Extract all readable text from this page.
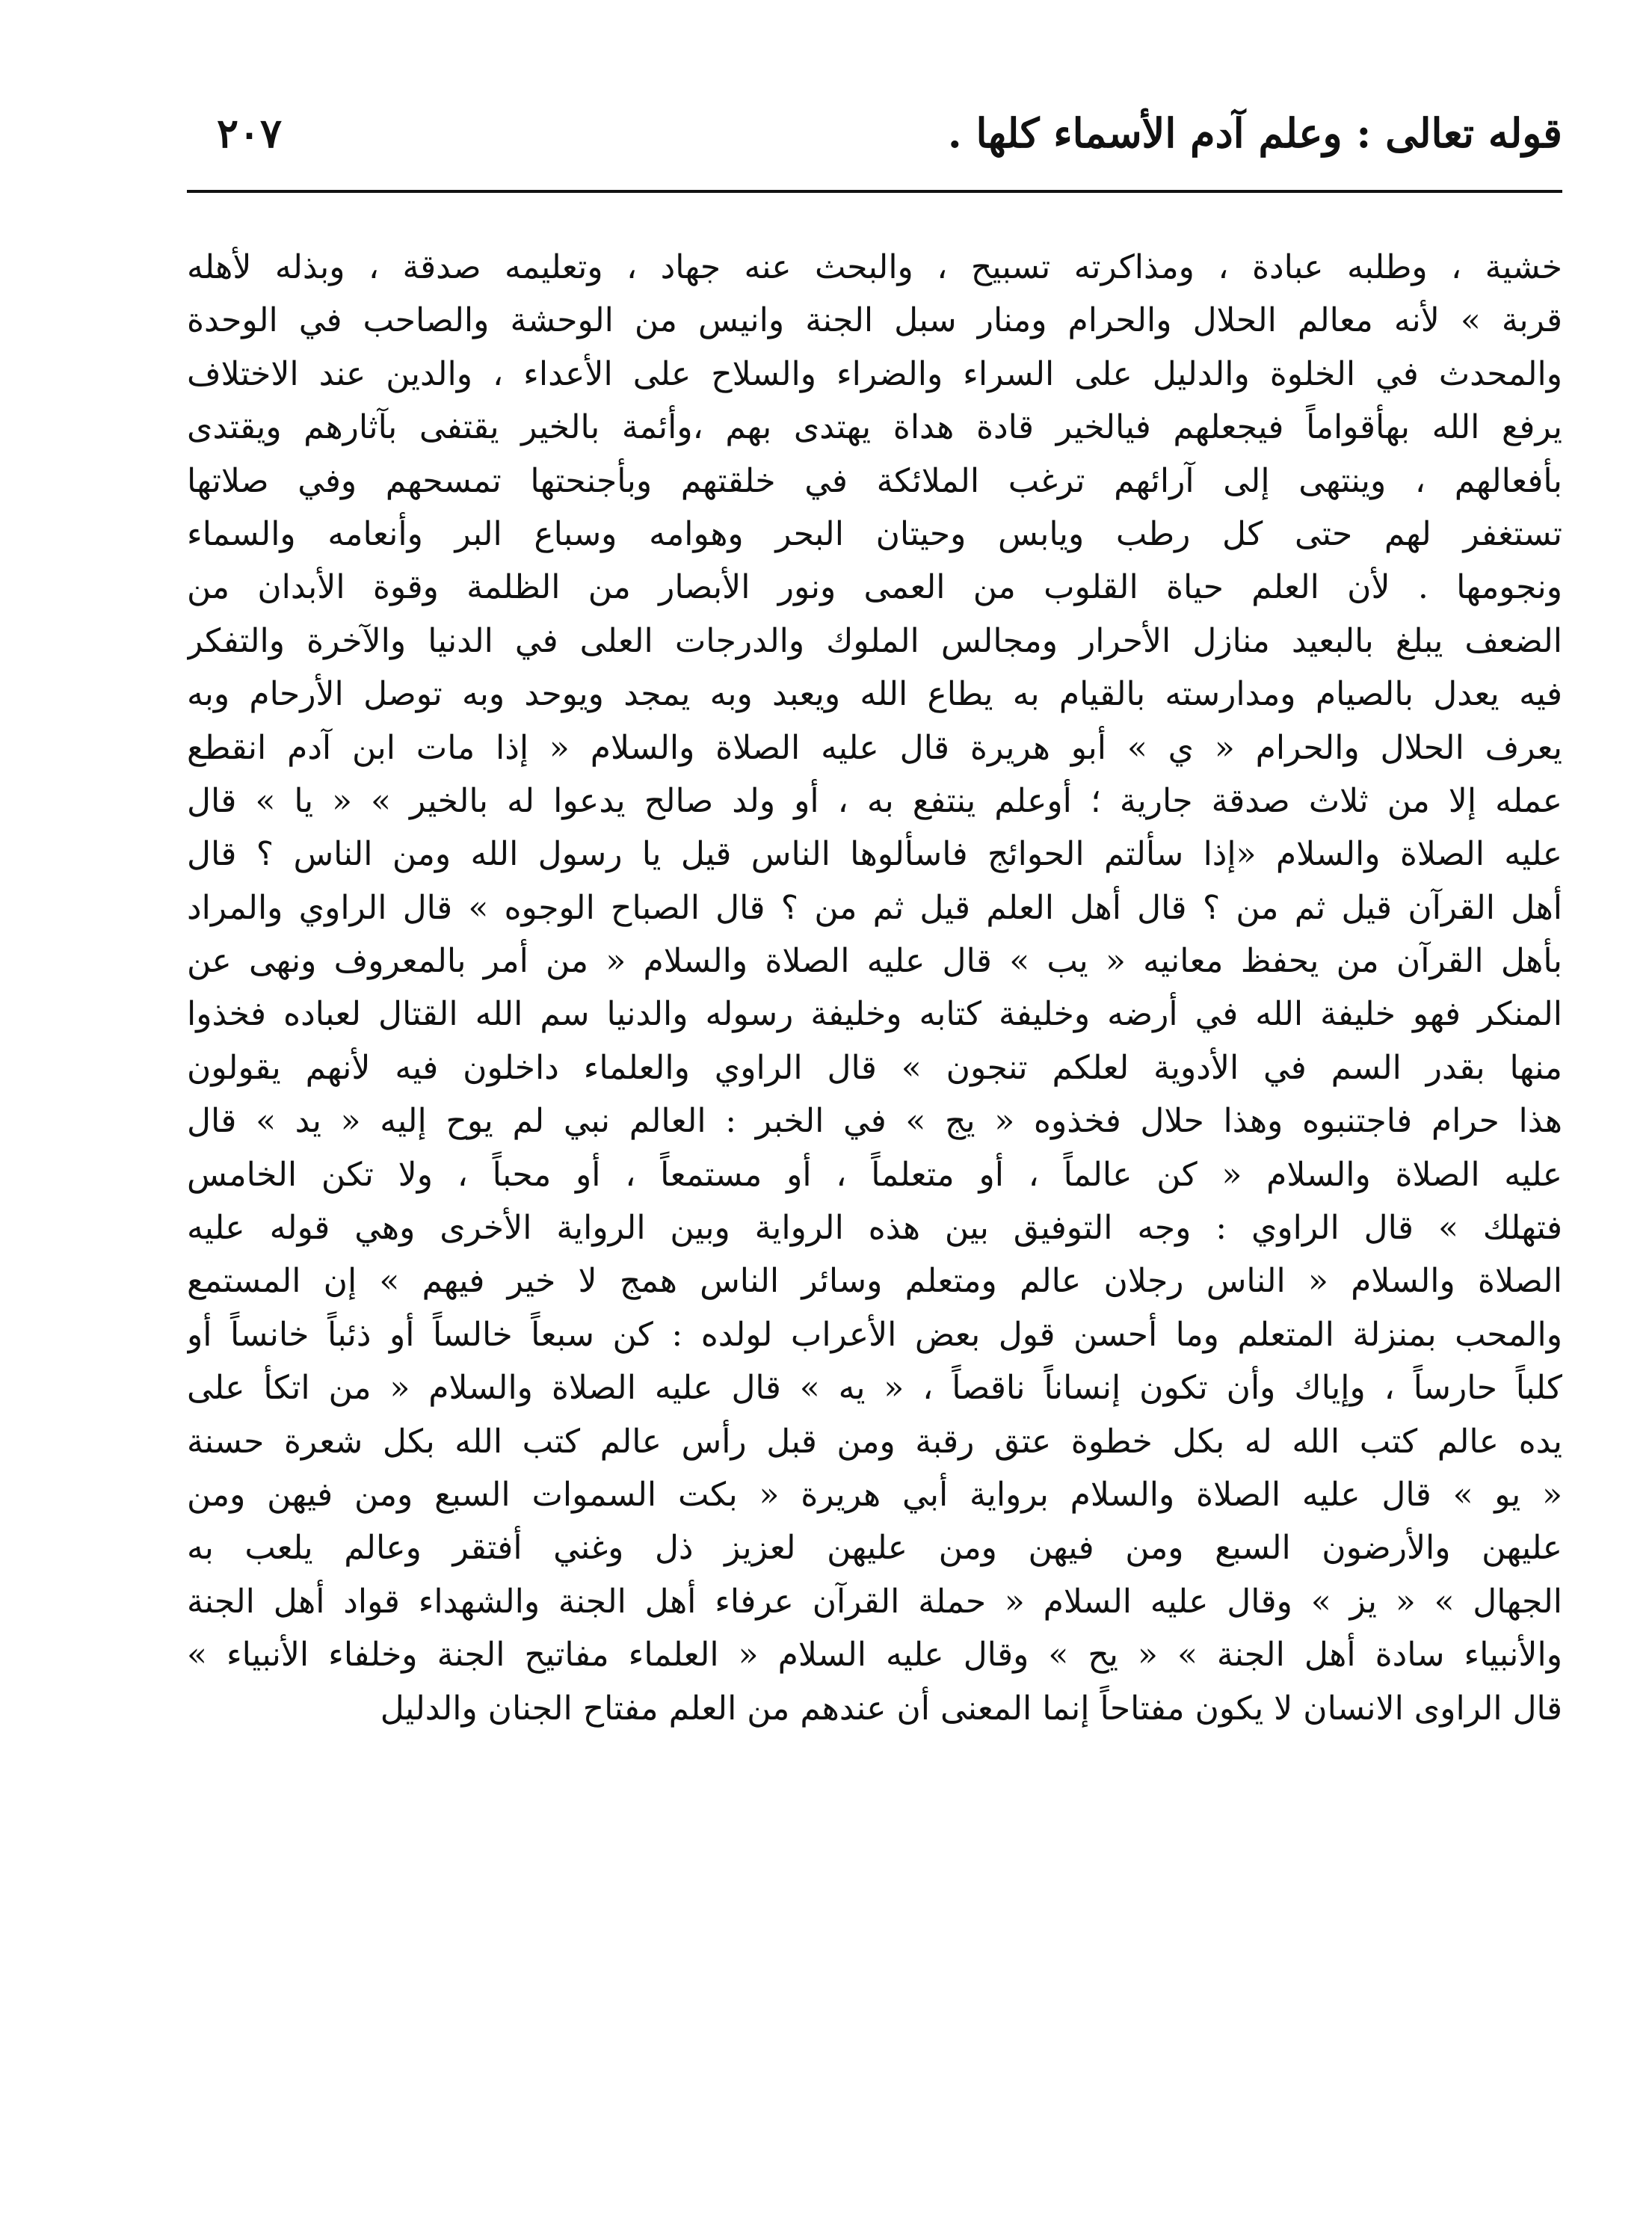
قوله تعالى : وعلم آدم الأسماء كلها .
٢٠٧
خشية ، وطلبه عبادة ، ومذاكرته تسبيح ، والبحث عنه جهاد ، وتعليمه صدقة ، وبذله لأهله
قربة » لأنه معالم الحلال والحرام ومنار سبل الجنة وانيس من الوحشة والصاحب في الوحدة
والمحدث في الخلوة والدليل على السراء والضراء والسلاح على الأعداء ، والدين عند الاختلاف
يرفع الله بهأقواماً فيجعلهم فيالخير قادة هداة يهتدى بهم ،وأئمة بالخير يقتفى بآثارهم ويقتدى
بأفعالهم ، وينتهى إلى آرائهم ترغب الملائكة في خلقتهم وبأجنحتها تمسحهم وفي صلاتها
تستغفر لهم حتى كل رطب ويابس وحيتان البحر وهوامه وسباع البر وأنعامه والسماء
ونجومها . لأن العلم حياة القلوب من العمى ونور الأبصار من الظلمة وقوة الأبدان من
الضعف يبلغ بالبعيد منازل الأحرار ومجالس الملوك والدرجات العلى في الدنيا والآخرة والتفكر
فيه يعدل بالصيام ومدارسته بالقيام به يطاع الله ويعبد وبه يمجد ويوحد وبه توصل الأرحام وبه
يعرف الحلال والحرام « ي » أبو هريرة قال عليه الصلاة والسلام « إذا مات ابن آدم انقطع
عمله إلا من ثلاث صدقة جارية ؛ أوعلم ينتفع به ، أو ولد صالح يدعوا له بالخير » « يا » قال
عليه الصلاة والسلام «إذا سألتم الحوائج فاسألوها الناس قيل يا رسول الله ومن الناس ؟ قال
أهل القرآن قيل ثم من ؟ قال أهل العلم قيل ثم من ؟ قال الصباح الوجوه » قال الراوي والمراد
بأهل القرآن من يحفظ معانيه « يب » قال عليه الصلاة والسلام « من أمر بالمعروف ونهى عن
المنكر فهو خليفة الله في أرضه وخليفة كتابه وخليفة رسوله والدنيا سم الله القتال لعباده فخذوا
منها بقدر السم في الأدوية لعلكم تنجون » قال الراوي والعلماء داخلون فيه لأنهم يقولون
هذا حرام فاجتنبوه وهذا حلال فخذوه « يج » في الخبر : العالم نبي لم يوح إليه « يد » قال
عليه الصلاة والسلام « كن عالماً ، أو متعلماً ، أو مستمعاً ، أو محباً ، ولا تكن الخامس
فتهلك » قال الراوي : وجه التوفيق بين هذه الرواية وبين الرواية الأخرى وهي قوله عليه
الصلاة والسلام « الناس رجلان عالم ومتعلم وسائر الناس همج لا خير فيهم » إن المستمع
والمحب بمنزلة المتعلم وما أحسن قول بعض الأعراب لولده : كن سبعاً خالساً أو ذئباً خانساً أو
كلباً حارساً ، وإياك وأن تكون إنساناً ناقصاً ، « يه » قال عليه الصلاة والسلام « من اتكأ على
يده عالم كتب الله له بكل خطوة عتق رقبة ومن قبل رأس عالم كتب الله بكل شعرة حسنة
« يو » قال عليه الصلاة والسلام برواية أبي هريرة « بكت السموات السبع ومن فيهن ومن
عليهن والأرضون السبع ومن فيهن ومن عليهن لعزيز ذل وغني أفتقر وعالم يلعب به
الجهال » « يز » وقال عليه السلام « حملة القرآن عرفاء أهل الجنة والشهداء قواد أهل الجنة
والأنبياء سادة أهل الجنة » « يح » وقال عليه السلام « العلماء مفاتيح الجنة وخلفاء الأنبياء »
قال الراوى الانسان لا يكون مفتاحاً إنما المعنى أن عندهم من العلم مفتاح الجنان والدليل
